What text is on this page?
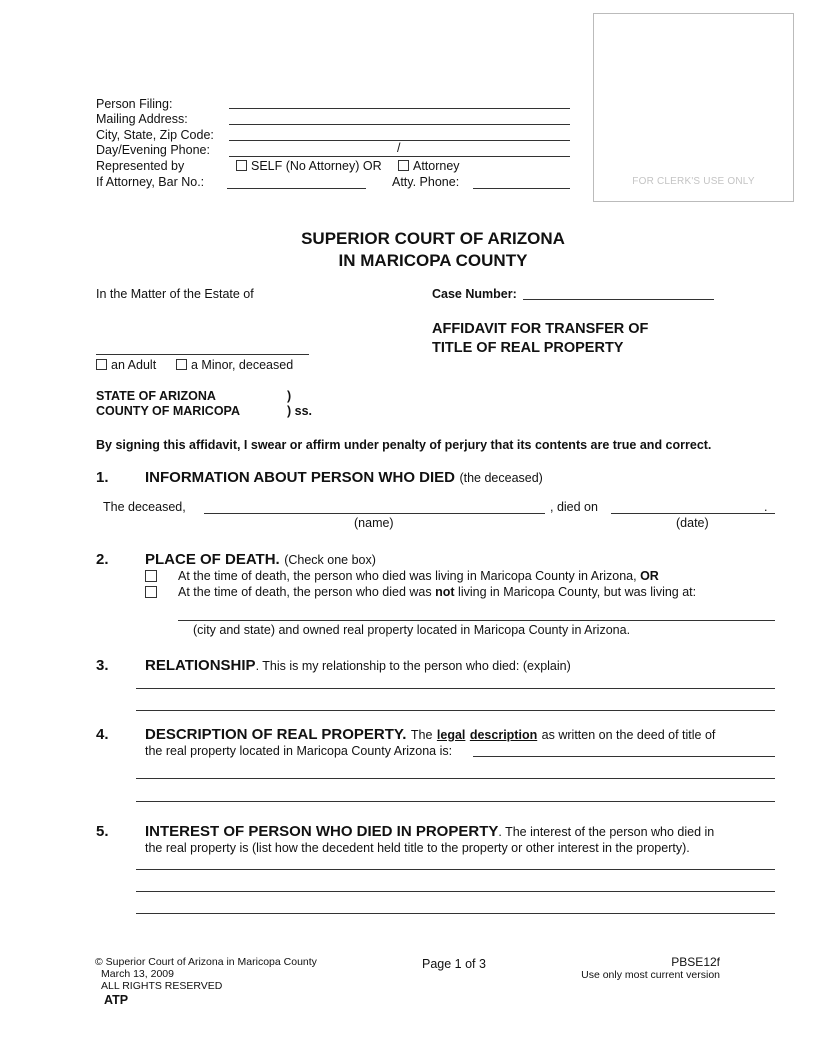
Person Filing:
Mailing Address:
City, State, Zip Code:
Day/Evening Phone:	/
Represented by	SELF (No Attorney) OR	Attorney
If Attorney, Bar No.:	Atty. Phone:	FOR CLERK'S USE ONLY
SUPERIOR COURT OF ARIZONA
IN MARICOPA COUNTY
In the Matter of the Estate of	Case Number:
AFFIDAVIT FOR TRANSFER OF
TITLE OF REAL PROPERTY
an Adult	a Minor, deceased
STATE OF ARIZONA	)
COUNTY OF MARICOPA	) ss.
By signing this affidavit, I swear or affirm under penalty of perjury that its contents are true and correct.
1. INFORMATION ABOUT PERSON WHO DIED (the deceased)
The deceased,	, died on	.
(name)	(date)
2. PLACE OF DEATH. (Check one box)
At the time of death, the person who died was living in Maricopa County in Arizona, OR
At the time of death, the person who died was not living in Maricopa County, but was living at:
(city and state) and owned real property located in Maricopa County in Arizona.
3. RELATIONSHIP. This is my relationship to the person who died: (explain)
4. DESCRIPTION OF REAL PROPERTY. The legal description as written on the deed of title of
the real property located in Maricopa County Arizona is:
5. INTEREST OF PERSON WHO DIED IN PROPERTY. The interest of the person who died in
the real property is (list how the decedent held title to the property or other interest in the property).
© Superior Court of Arizona in Maricopa County
March 13, 2009
ALL RIGHTS RESERVED
ATP
Page 1 of 3	PBSE12f
Use only most current version
